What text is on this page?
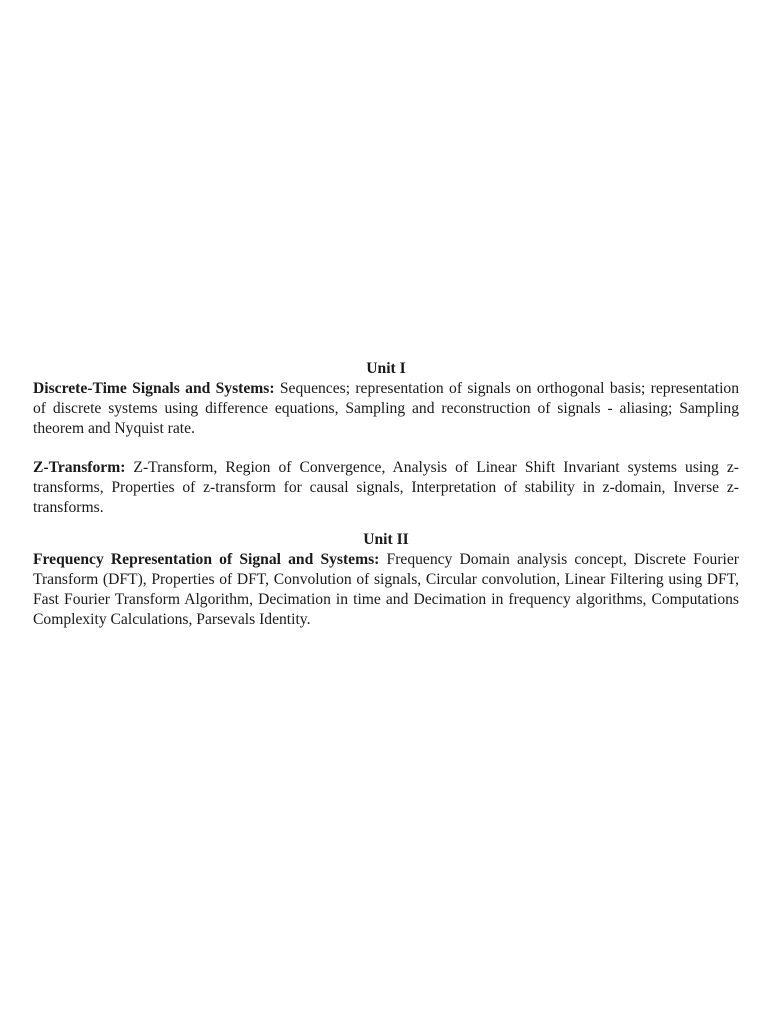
Unit I

Discrete-Time Signals and Systems: Sequences; representation of signals on orthogonal basis; representation of discrete systems using difference equations, Sampling and reconstruction of signals - aliasing; Sampling theorem and Nyquist rate.

Z-Transform: Z-Transform, Region of Convergence, Analysis of Linear Shift Invariant systems using z- transforms, Properties of z-transform for causal signals, Interpretation of stability in z-domain, Inverse z-transforms.

Unit II

Frequency Representation of Signal and Systems: Frequency Domain analysis concept, Discrete Fourier Transform (DFT), Properties of DFT, Convolution of signals, Circular convolution, Linear Filtering using DFT, Fast Fourier Transform Algorithm, Decimation in time and Decimation in frequency algorithms, Computations Complexity Calculations, Parsevals Identity.
